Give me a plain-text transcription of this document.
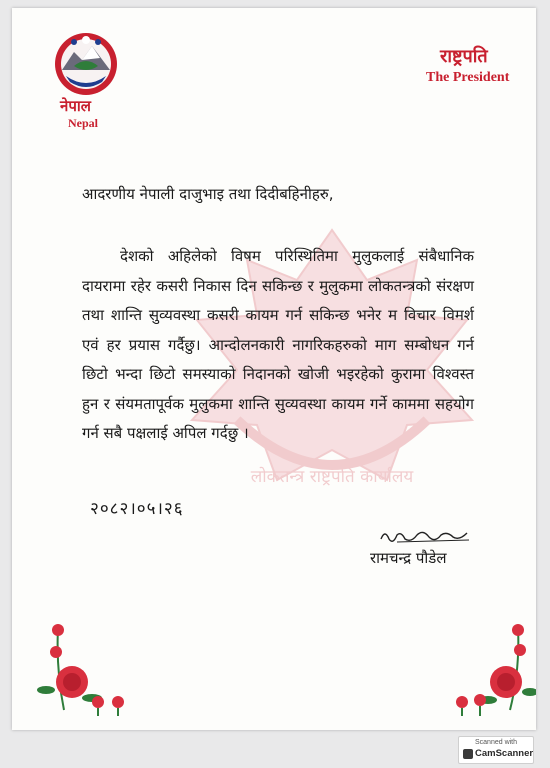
लोकतन्त्र राष्ट्रपति कार्यालय
नेपाल
Nepal
राष्ट्रपति
The President
आदरणीय नेपाली दाजुभाइ तथा दिदीबहिनीहरु,
देशको अहिलेको विषम परिस्थितिमा मुलुकलाई संबैधानिक दायरामा रहेर कसरी निकास दिन सकिन्छ र मुलुकमा लोकतन्त्रको संरक्षण तथा शान्ति सुव्यवस्था कसरी कायम गर्न सकिन्छ भनेर म विचार विमर्श एवं हर प्रयास गर्दैछु। आन्दोलनकारी नागरिकहरुको माग सम्बोधन गर्न छिटो भन्दा छिटो समस्याको निदानको खोजी भइरहेको कुरामा विश्वस्त हुन र संयमतापूर्वक मुलुकमा शान्ति सुव्यवस्था कायम गर्ने काममा सहयोग गर्न सबै पक्षलाई अपिल गर्दछु ।
२०८२।०५।२६
रामचन्द्र पौडेल
Scanned with
CamScanner
